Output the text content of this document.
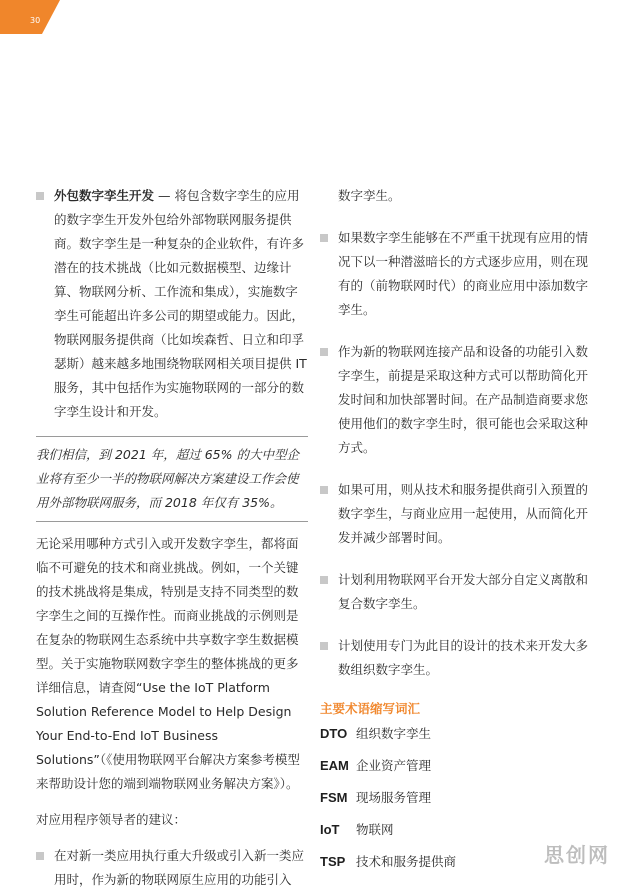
30
外包数字孪生开发 — 将包含数字孪生的应用的数字孪生开发外包给外部物联网服务提供商。数字孪生是一种复杂的企业软件，有许多潜在的技术挑战（比如元数据模型、边缘计算、物联网分析、工作流和集成），实施数字孪生可能超出许多公司的期望或能力。因此，物联网服务提供商（比如埃森哲、日立和印孚瑟斯）越来越多地围绕物联网相关项目提供 IT 服务，其中包括作为实施物联网的一部分的数字孪生设计和开发。
我们相信，到 2021 年，超过 65% 的大中型企业将有至少一半的物联网解决方案建设工作会使用外部物联网服务，而 2018 年仅有 35%。

无论采用哪种方式引入或开发数字孪生，都将面临不可避免的技术和商业挑战。例如，一个关键的技术挑战将是集成，特别是支持不同类型的数字孪生之间的互操作性。而商业挑战的示例则是在复杂的物联网生态系统中共享数字孪生数据模型。关于实施物联网数字孪生的整体挑战的更多详细信息，请查阅“Use the IoT Platform Solution Reference Model to Help Design Your End-to-End IoT Business Solutions”（《使用物联网平台解决方案参考模型来帮助设计您的端到端物联网业务解决方案》）。

对应用程序领导者的建议：

在对新一类应用执行重大升级或引入新一类应用时，作为新的物联网原生应用的功能引入
数字孪生。
如果数字孪生能够在不严重干扰现有应用的情况下以一种潜滋暗长的方式逐步应用，则在现有的（前物联网时代）的商业应用中添加数字孪生。
作为新的物联网连接产品和设备的功能引入数字孪生，前提是采取这种方式可以帮助简化开发时间和加快部署时间。在产品制造商要求您使用他们的数字孪生时，很可能也会采取这种方式。
如果可用，则从技术和服务提供商引入预置的数字孪生，与商业应用一起使用，从而简化开发并减少部署时间。
计划利用物联网平台开发大部分自定义离散和复合数字孪生。
计划使用专门为此目的设计的技术来开发大多数组织数字孪生。
主要术语缩写词汇
DTO 组织数字孪生
EAM 企业资产管理
FSM 现场服务管理
IoT	物联网
TSP 技术和服务提供商	思创网
